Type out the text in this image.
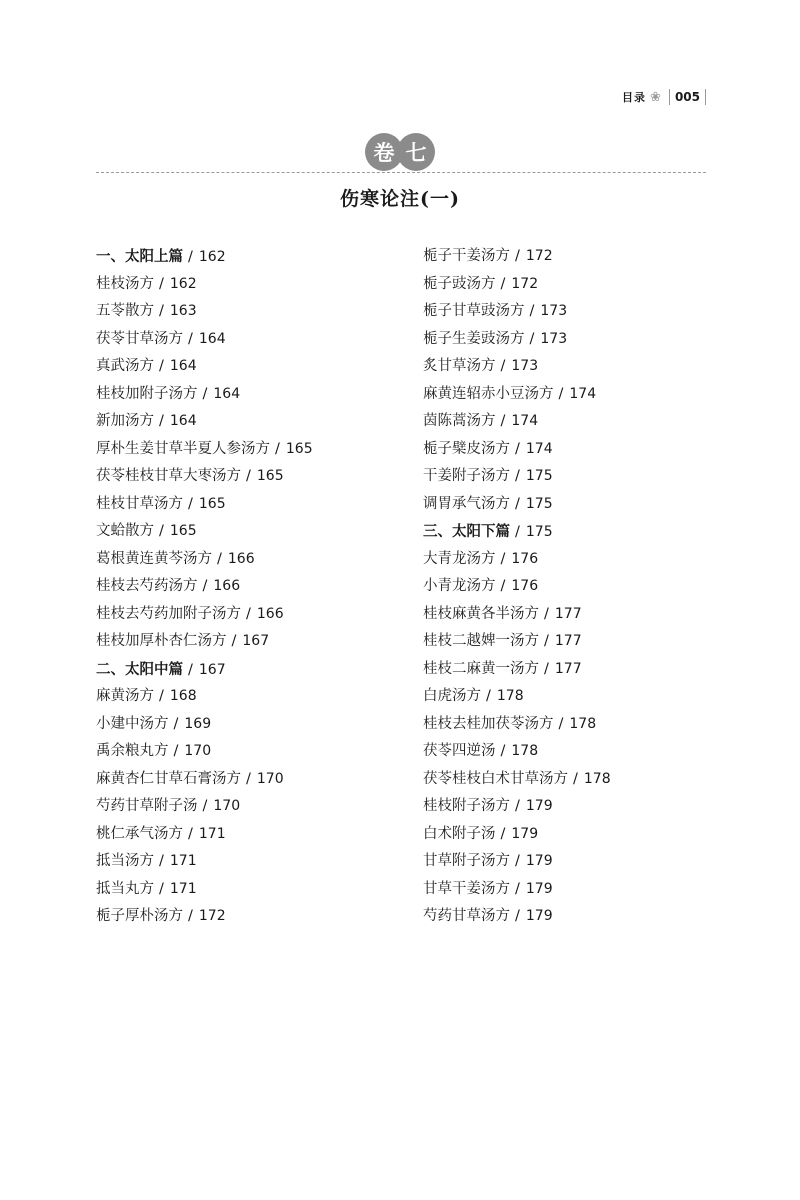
目录 ❀ 005
卷 七
伤寒论注(一)
一、太阳上篇 / 162
桂枝汤方 / 162
五苓散方 / 163
茯苓甘草汤方 / 164
真武汤方 / 164
桂枝加附子汤方 / 164
新加汤方 / 164
厚朴生姜甘草半夏人参汤方 / 165
茯苓桂枝甘草大枣汤方 / 165
桂枝甘草汤方 / 165
文蛤散方 / 165
葛根黄连黄芩汤方 / 166
桂枝去芍药汤方 / 166
桂枝去芍药加附子汤方 / 166
桂枝加厚朴杏仁汤方 / 167
二、太阳中篇 / 167
麻黄汤方 / 168
小建中汤方 / 169
禹余粮丸方 / 170
麻黄杏仁甘草石膏汤方 / 170
芍药甘草附子汤 / 170
桃仁承气汤方 / 171
抵当汤方 / 171
抵当丸方 / 171
栀子厚朴汤方 / 172
栀子干姜汤方 / 172
栀子豉汤方 / 172
栀子甘草豉汤方 / 173
栀子生姜豉汤方 / 173
炙甘草汤方 / 173
麻黄连轺赤小豆汤方 / 174
茵陈蒿汤方 / 174
栀子檗皮汤方 / 174
干姜附子汤方 / 175
调胃承气汤方 / 175
三、太阳下篇 / 175
大青龙汤方 / 176
小青龙汤方 / 176
桂枝麻黄各半汤方 / 177
桂枝二越婢一汤方 / 177
桂枝二麻黄一汤方 / 177
白虎汤方 / 178
桂枝去桂加茯苓汤方 / 178
茯苓四逆汤 / 178
茯苓桂枝白术甘草汤方 / 178
桂枝附子汤方 / 179
白术附子汤 / 179
甘草附子汤方 / 179
甘草干姜汤方 / 179
芍药甘草汤方 / 179
